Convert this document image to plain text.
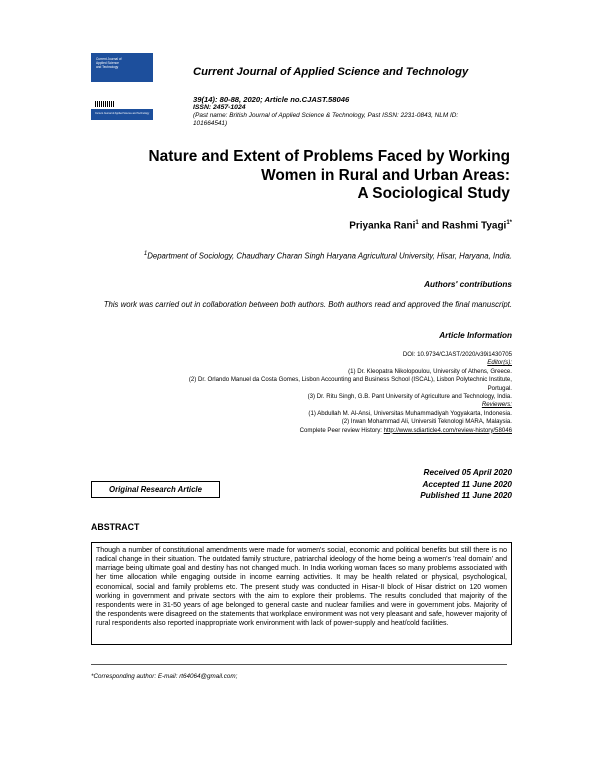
Current Journal of
Applied Science
and Technology
Current Journal of Applied Science and Technology
Current Journal of Applied Science and Technology
39(14): 80-88, 2020; Article no.CJAST.58046
ISSN: 2457-1024
(Past name: British Journal of Applied Science & Technology, Past ISSN: 2231-0843, NLM ID: 101664541)
Nature and Extent of Problems Faced by Working
Women in Rural and Urban Areas:
A Sociological Study
Priyanka Rani$^1$ and Rashmi Tyagi$^{1*}$
$^1$Department of Sociology, Chaudhary Charan Singh Haryana Agricultural University, Hisar, Haryana, India.
Authors' contributions
This work was carried out in collaboration between both authors. Both authors read and approved the final manuscript.
Article Information
DOI: 10.9734/CJAST/2020/v39i1430705
Editor(s):
(1) Dr. Kleopatra Nikolopoulou, University of Athens, Greece.
(2) Dr. Orlando Manuel da Costa Gomes, Lisbon Accounting and Business School (ISCAL), Lisbon Polytechnic Institute,
Portugal.
(3) Dr. Ritu Singh, G.B. Pant University of Agriculture and Technology, India.
Reviewers:
(1) Abdullah M. Al-Ansi, Universitas Muhammadiyah Yogyakarta, Indonesia.
(2) Irwan Mohammad Ali, Universiti Teknologi MARA, Malaysia.
Complete Peer review History: http://www.sdiarticle4.com/review-history/58046
Received 05 April 2020
Accepted 11 June 2020
Published 11 June 2020
Original Research Article
ABSTRACT
Though a number of constitutional amendments were made for women's social, economic and political benefits but still there is no radical change in their situation. The outdated family structure, patriarchal ideology of the home being a women's 'real domain' and marriage being ultimate goal and destiny has not changed much. In India working woman faces so many problems associated with her time allocation while engaging outside in income earning activities. It may be health related or physical, psychological, economical, social and family problems etc. The present study was conducted in Hisar-II block of Hisar district on 120 women working in government and private sectors with the aim to explore their problems. The results concluded that majority of the respondents were in 31-50 years of age belonged to general caste and nuclear families and were in government jobs. Majority of the respondents were disagreed on the statements that workplace environment was not very pleasant and safe, however majority of rural respondents also reported inappropriate work environment with lack of power-supply and heat/cold facilities.
*Corresponding author: E-mail: rt64064@gmail.com;
